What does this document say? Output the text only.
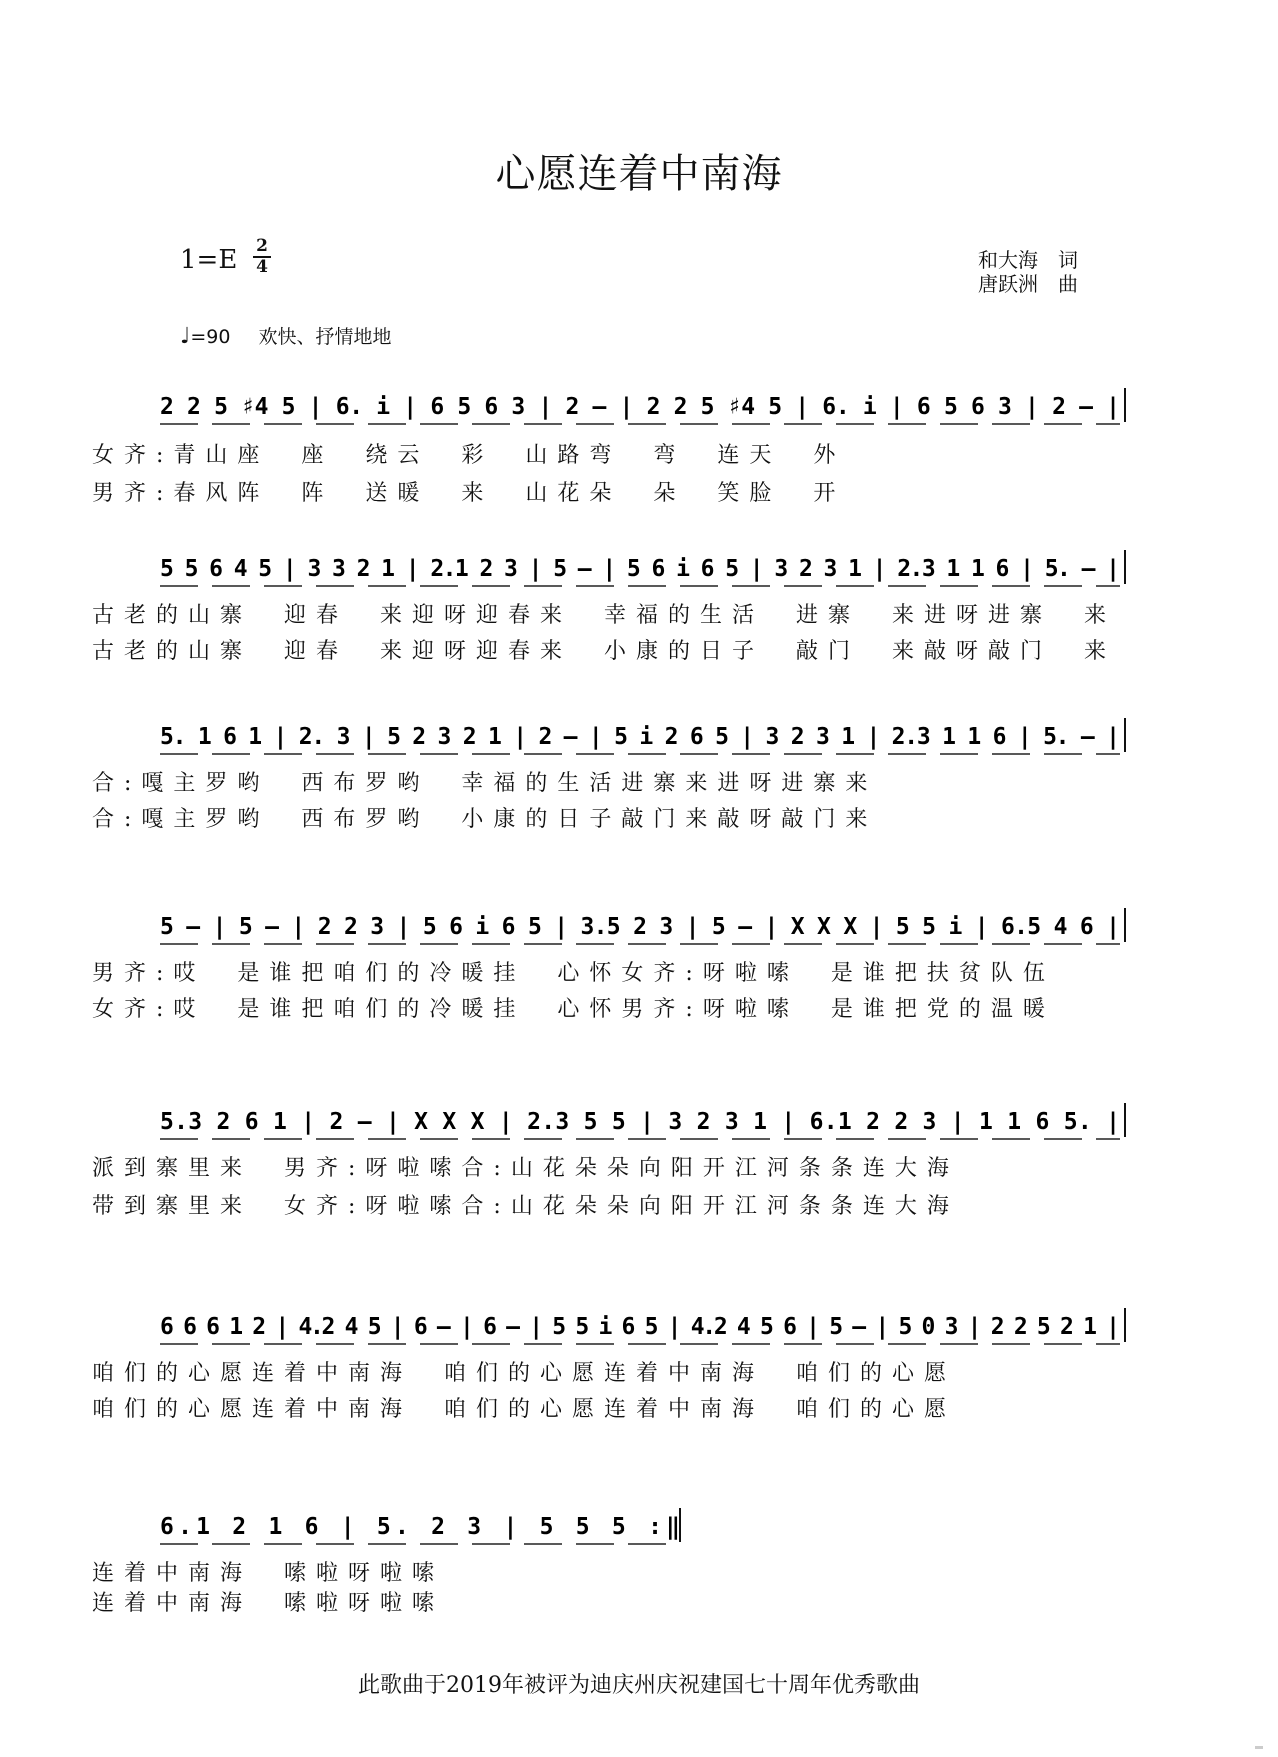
心愿连着中南海
1=E 2
4	和大海　词
唐跃洲　曲
♩=90 欢快、抒情地地
2 2 5 ♯4 5 | 6. i | 6 5 6 3 | 2 – | 2 2 5 ♯4 5 | 6. i | 6 5 6 3 | 2 – |
女齐:青山座　座　绕云　彩　山路弯　弯　连天　外
男齐:春风阵　阵　送暖　来　山花朵　朵　笑脸　开
5 5 6 4 5 | 3 3 2 1 | 2.1 2 3 | 5 – | 5 6 i 6 5 | 3 2 3 1 | 2.3 1 1 6 | 5. – |
古老的山寨　迎春　来迎呀迎春来　幸福的生活　进寨　来进呀进寨　来
古老的山寨　迎春　来迎呀迎春来　小康的日子　敲门　来敲呀敲门　来
5. 1 6 1 | 2. 3 | 5 2 3 2 1 | 2 – | 5 i 2 6 5 | 3 2 3 1 | 2.3 1 1 6 | 5. – |
合:嘎主罗哟　西布罗哟　幸福的生活进寨来进呀进寨来
合:嘎主罗哟　西布罗哟　小康的日子敲门来敲呀敲门来
5 – | 5 – | 2 2 3 | 5 6 i 6 5 | 3.5 2 3 | 5 – | X X X | 5 5 i | 6.5 4 6 |
男齐:哎　是谁把咱们的冷暖挂　心怀女齐:呀啦嗦　是谁把扶贫队伍
女齐:哎　是谁把咱们的冷暖挂　心怀男齐:呀啦嗦　是谁把党的温暖
5.3 2 6 1 | 2 – | X X X | 2.3 5 5 | 3 2 3 1 | 6.1 2 2 3 | 1 1 6 5. |
派到寨里来　男齐:呀啦嗦合:山花朵朵向阳开江河条条连大海
带到寨里来　女齐:呀啦嗦合:山花朵朵向阳开江河条条连大海
6 6 6 1 2 | 4.2 4 5 | 6 – | 6 – | 5 5 i 6 5 | 4.2 4 5 6 | 5 – | 5 0 3 | 2 2 5 2 1 |
咱们的心愿连着中南海　咱们的心愿连着中南海　咱们的心愿
咱们的心愿连着中南海　咱们的心愿连着中南海　咱们的心愿
6.1 2 1 6 | 5. 2 3 | 5 5 5 :‖
连着中南海　嗦啦呀啦嗦
连着中南海　嗦啦呀啦嗦
此歌曲于2019年被评为迪庆州庆祝建国七十周年优秀歌曲
